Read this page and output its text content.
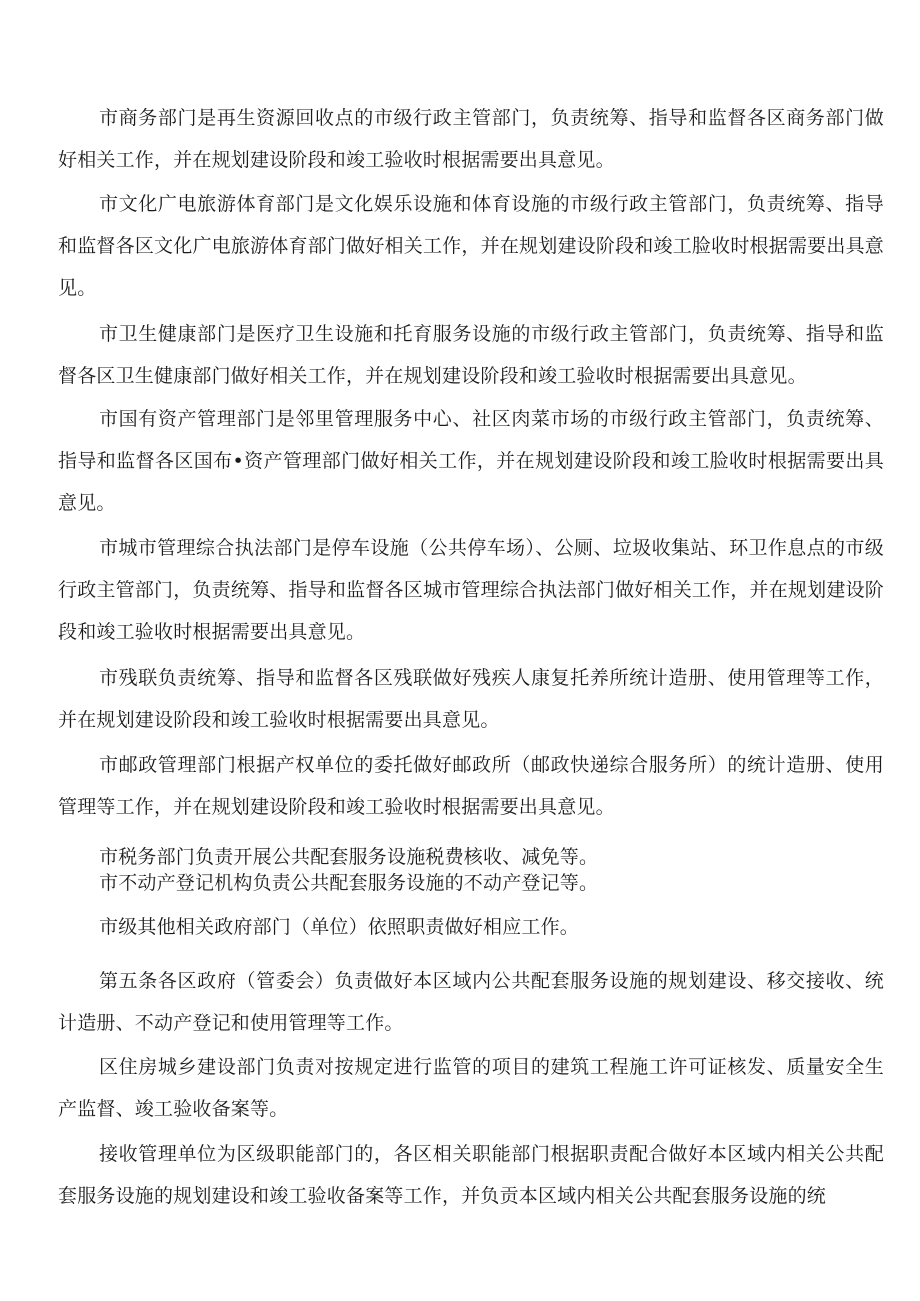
市商务部门是再生资源回收点的市级行政主管部门，负责统筹、指导和监督各区商务部门做好相关工作，并在规划建设阶段和竣工验收时根据需要出具意见。

市文化广电旅游体育部门是文化娱乐设施和体育设施的市级行政主管部门，负责统筹、指导和监督各区文化广电旅游体育部门做好相关工作，并在规划建设阶段和竣工脸收时根据需要出具意见。

市卫生健康部门是医疗卫生设施和托育服务设施的市级行政主管部门，负责统筹、指导和监督各区卫生健康部门做好相关工作，并在规划建设阶段和竣工验收时根据需要出具意见。

市国有资产管理部门是邻里管理服务中心、社区肉菜市场的市级行政主管部门，负责统筹、指导和监督各区国布•资产管理部门做好相关工作，并在规划建设阶段和竣工脸收时根据需要出具意见。

市城市管理综合执法部门是停车设施（公共停车场）、公厕、垃圾收集站、环卫作息点的市级行政主管部门，负责统筹、指导和监督各区城市管理综合执法部门做好相关工作，并在规划建设阶段和竣工验收时根据需要出具意见。

市残联负责统筹、指导和监督各区残联做好残疾人康复托养所统计造册、使用管理等工作，并在规划建设阶段和竣工验收时根据需要出具意见。

市邮政管理部门根据产权单位的委托做好邮政所（邮政快递综合服务所）的统计造册、使用管理等工作，并在规划建设阶段和竣工验收时根据需要出具意见。

市税务部门负责开展公共配套服务设施税费核收、减免等。

市不动产登记机构负责公共配套服务设施的不动产登记等。

市级其他相关政府部门（单位）依照职责做好相应工作。

第五条各区政府（管委会）负责做好本区域内公共配套服务设施的规划建设、移交接收、统计造册、不动产登记和使用管理等工作。

区住房城乡建设部门负责对按规定进行监管的项目的建筑工程施工许可证核发、质量安全生产监督、竣工验收备案等。

接收管理单位为区级职能部门的，各区相关职能部门根据职责配合做好本区域内相关公共配套服务设施的规划建设和竣工验收备案等工作，并负贡本区域内相关公共配套服务设施的统
